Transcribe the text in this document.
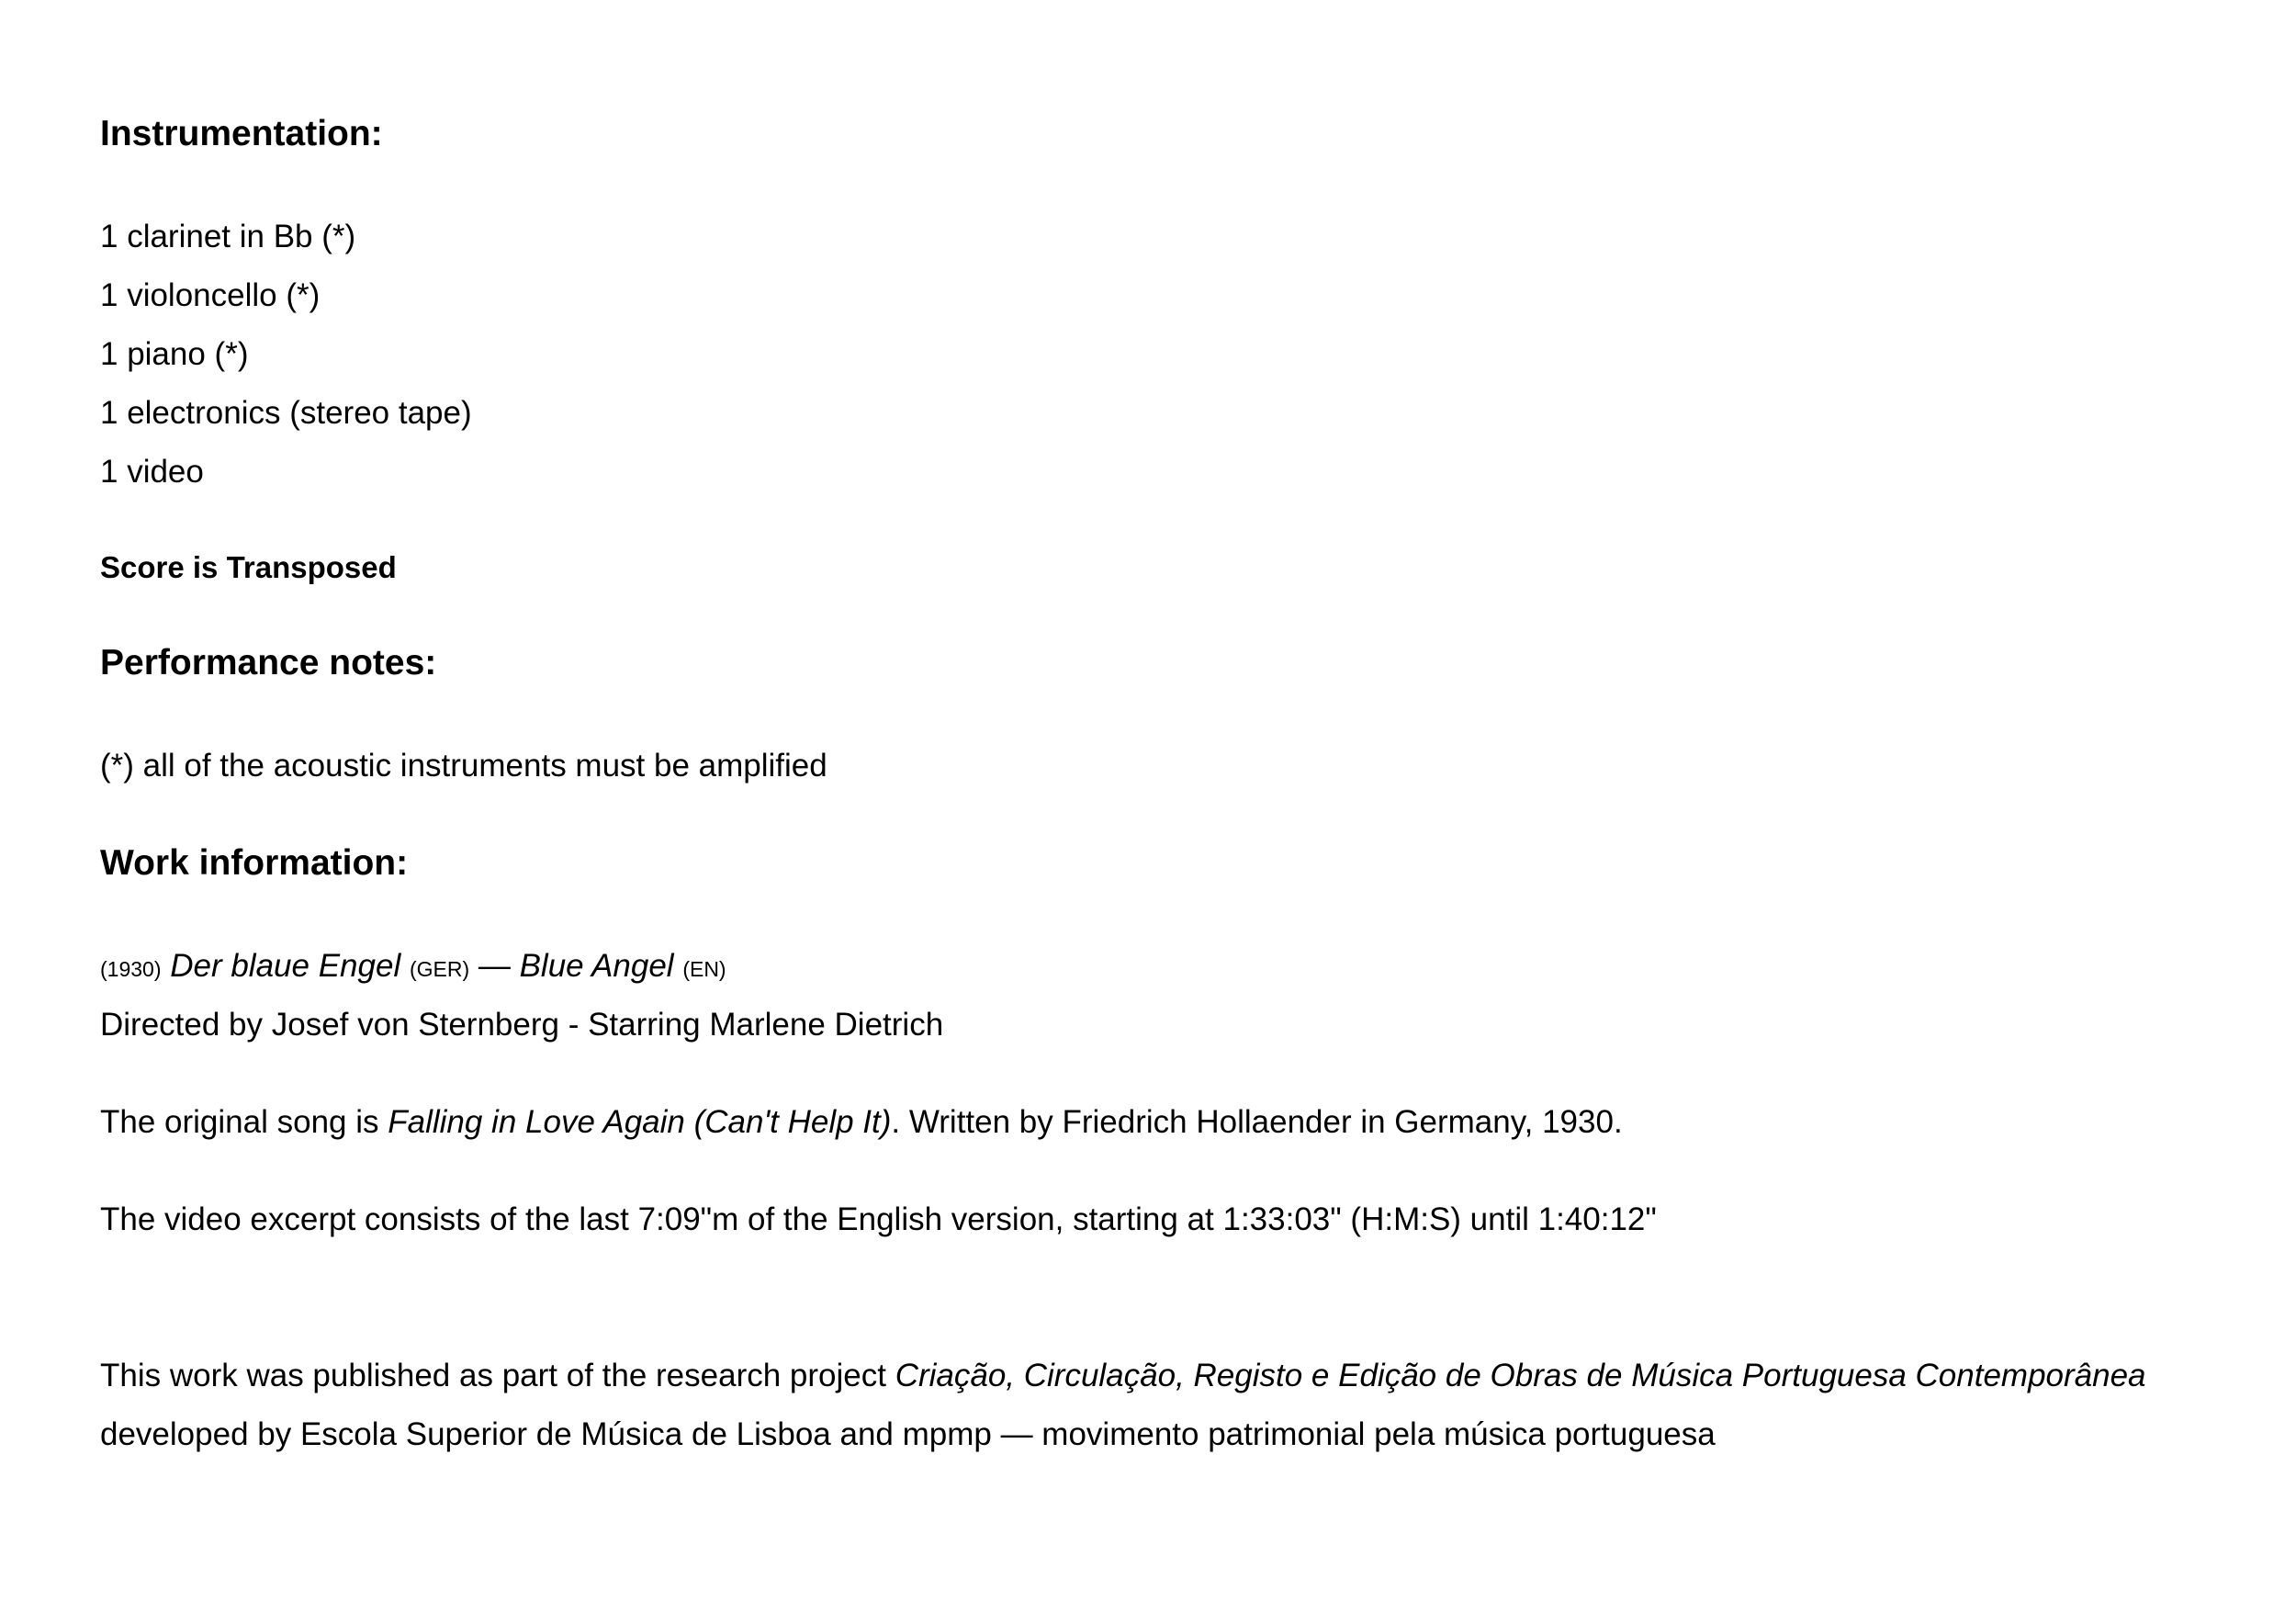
Instrumentation:
1 clarinet in Bb (*)
1 violoncello (*)
1 piano (*)
1 electronics (stereo tape)
1 video
Score is Transposed
Performance notes:
(*) all of the acoustic instruments must be amplified
Work information:
(1930) Der blaue Engel (GER) — Blue Angel (EN)
Directed by Josef von Sternberg - Starring Marlene Dietrich
The original song is Falling in Love Again (Can't Help It). Written by Friedrich Hollaender in Germany, 1930.
The video excerpt consists of the last 7:09"m of the English version, starting at 1:33:03" (H:M:S) until 1:40:12"
This work was published as part of the research project Criação, Circulação, Registo e Edição de Obras de Música Portuguesa Contemporânea
developed by Escola Superior de Música de Lisboa and mpmp — movimento patrimonial pela música portuguesa
